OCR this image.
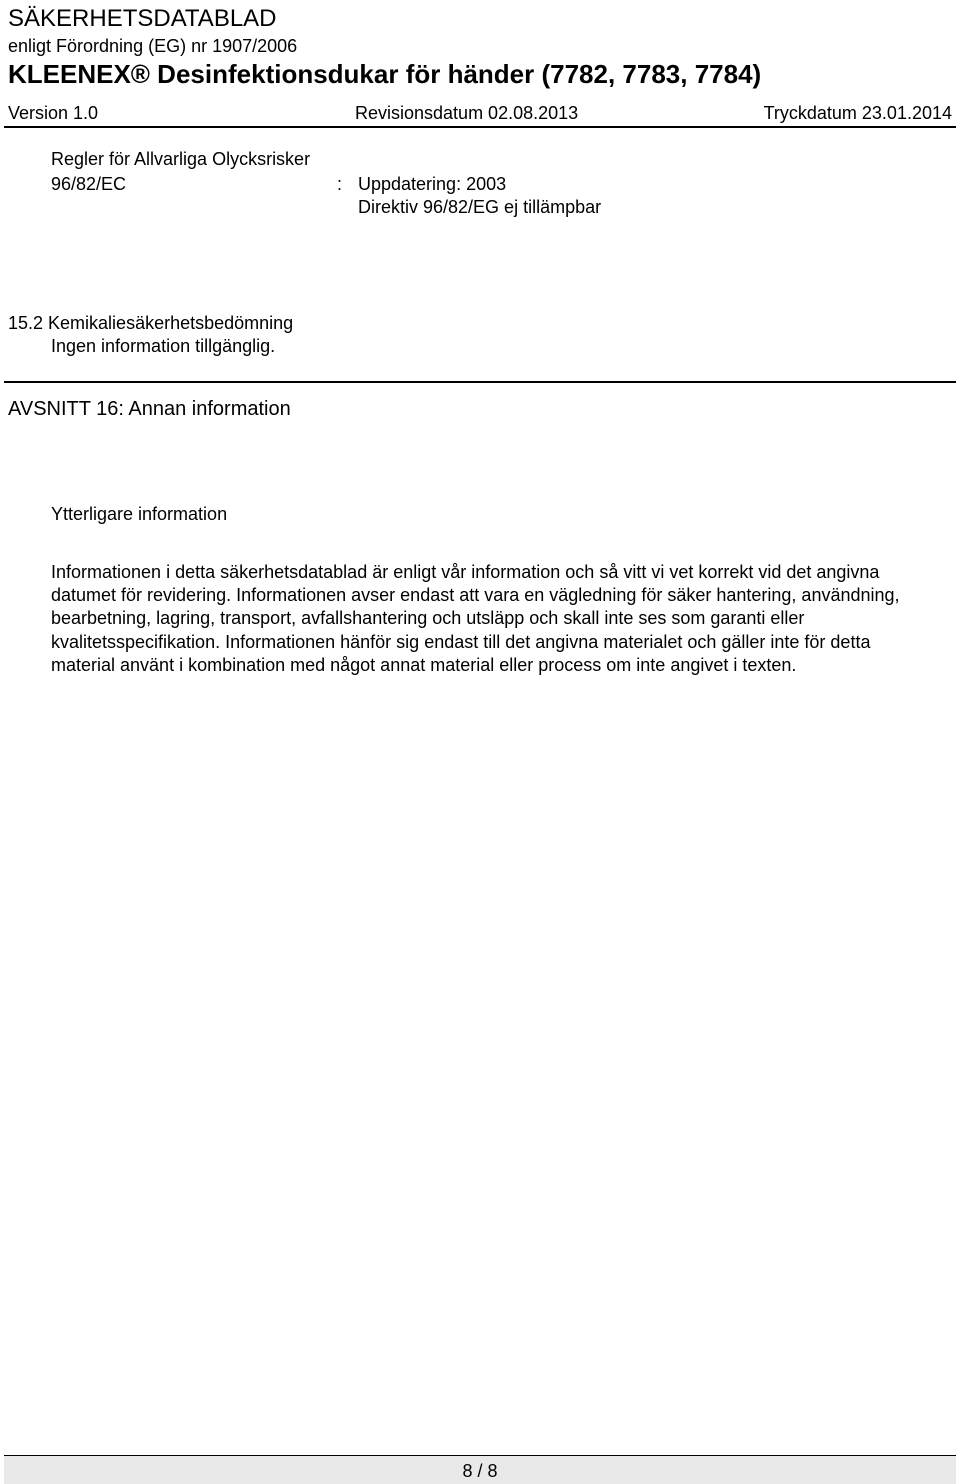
SÄKERHETSDATABLAD
enligt Förordning (EG) nr 1907/2006
KLEENEX® Desinfektionsdukar för händer (7782, 7783, 7784)
Version 1.0	Revisionsdatum 02.08.2013	Tryckdatum 23.01.2014
Regler för Allvarliga Olycksrisker
96/82/EC	: Uppdatering: 2003
Direktiv 96/82/EG ej tillämpbar
15.2 Kemikaliesäkerhetsbedömning
Ingen information tillgänglig.
AVSNITT 16: Annan information
Ytterligare information

Informationen i detta säkerhetsdatablad är enligt vår information och så vitt vi vet korrekt vid det angivna datumet för revidering. Informationen avser endast att vara en vägledning för säker hantering, användning, bearbetning, lagring, transport, avfallshantering och utsläpp och skall inte ses som garanti eller kvalitetsspecifikation. Informationen hänför sig endast till det angivna materialet och gäller inte för detta material använt i kombination med något annat material eller process om inte angivet i texten.

8 / 8
